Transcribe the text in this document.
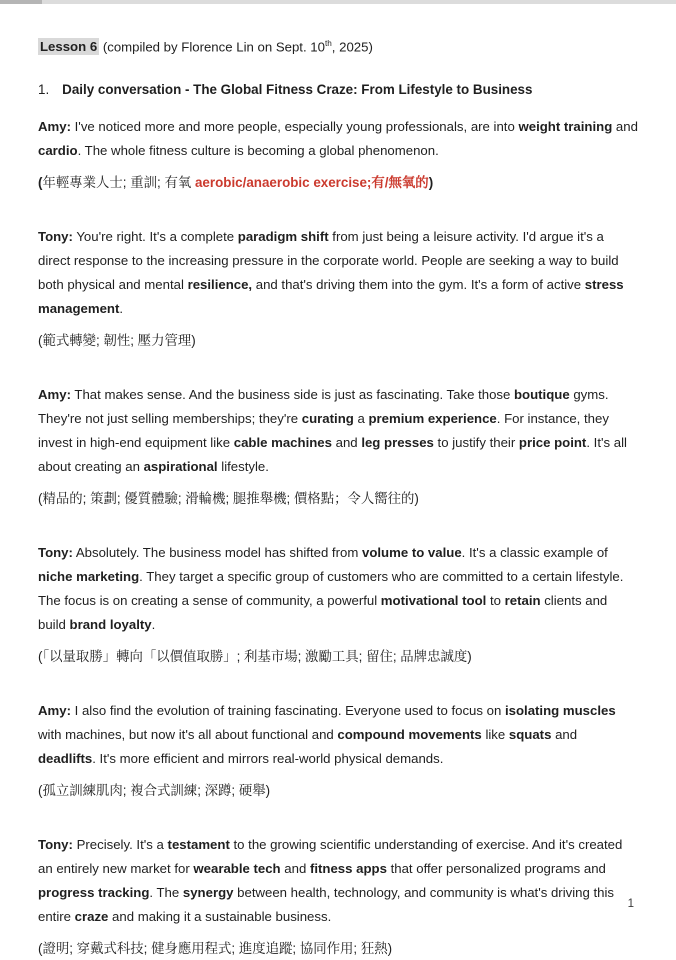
Lesson 6 (compiled by Florence Lin on Sept. 10th, 2025)

1. Daily conversation - The Global Fitness Craze: From Lifestyle to Business

Amy: I've noticed more and more people, especially young professionals, are into weight training and cardio. The whole fitness culture is becoming a global phenomenon.

(年輕專業人士; 重訓; 有氧 aerobic/anaerobic exercise;有/無氧的)

Tony: You're right. It's a complete paradigm shift from just being a leisure activity. I'd argue it's a direct response to the increasing pressure in the corporate world. People are seeking a way to build both physical and mental resilience, and that's driving them into the gym. It's a form of active stress management.

(範式轉變; 韌性; 壓力管理)

Amy: That makes sense. And the business side is just as fascinating. Take those boutique gyms. They're not just selling memberships; they're curating a premium experience. For instance, they invest in high-end equipment like cable machines and leg presses to justify their price point. It's all about creating an aspirational lifestyle.

(精品的; 策劃; 優質體驗; 滑輪機; 腿推舉機; 價格點；令人嚮往的)

Tony: Absolutely. The business model has shifted from volume to value. It's a classic example of niche marketing. They target a specific group of customers who are committed to a certain lifestyle. The focus is on creating a sense of community, a powerful motivational tool to retain clients and build brand loyalty.

(「以量取勝」轉向「以價值取勝」; 利基市場; 激勵工具; 留住; 品牌忠誠度)

Amy: I also find the evolution of training fascinating. Everyone used to focus on isolating muscles with machines, but now it's all about functional and compound movements like squats and deadlifts. It's more efficient and mirrors real-world physical demands.

(孤立訓練肌肉; 複合式訓練; 深蹲; 硬舉)

Tony: Precisely. It's a testament to the growing scientific understanding of exercise. And it's created an entirely new market for wearable tech and fitness apps that offer personalized programs and progress tracking. The synergy between health, technology, and community is what's driving this entire craze and making it a sustainable business.

(證明; 穿戴式科技; 健身應用程式; 進度追蹤; 協同作用; 狂熱)

1
